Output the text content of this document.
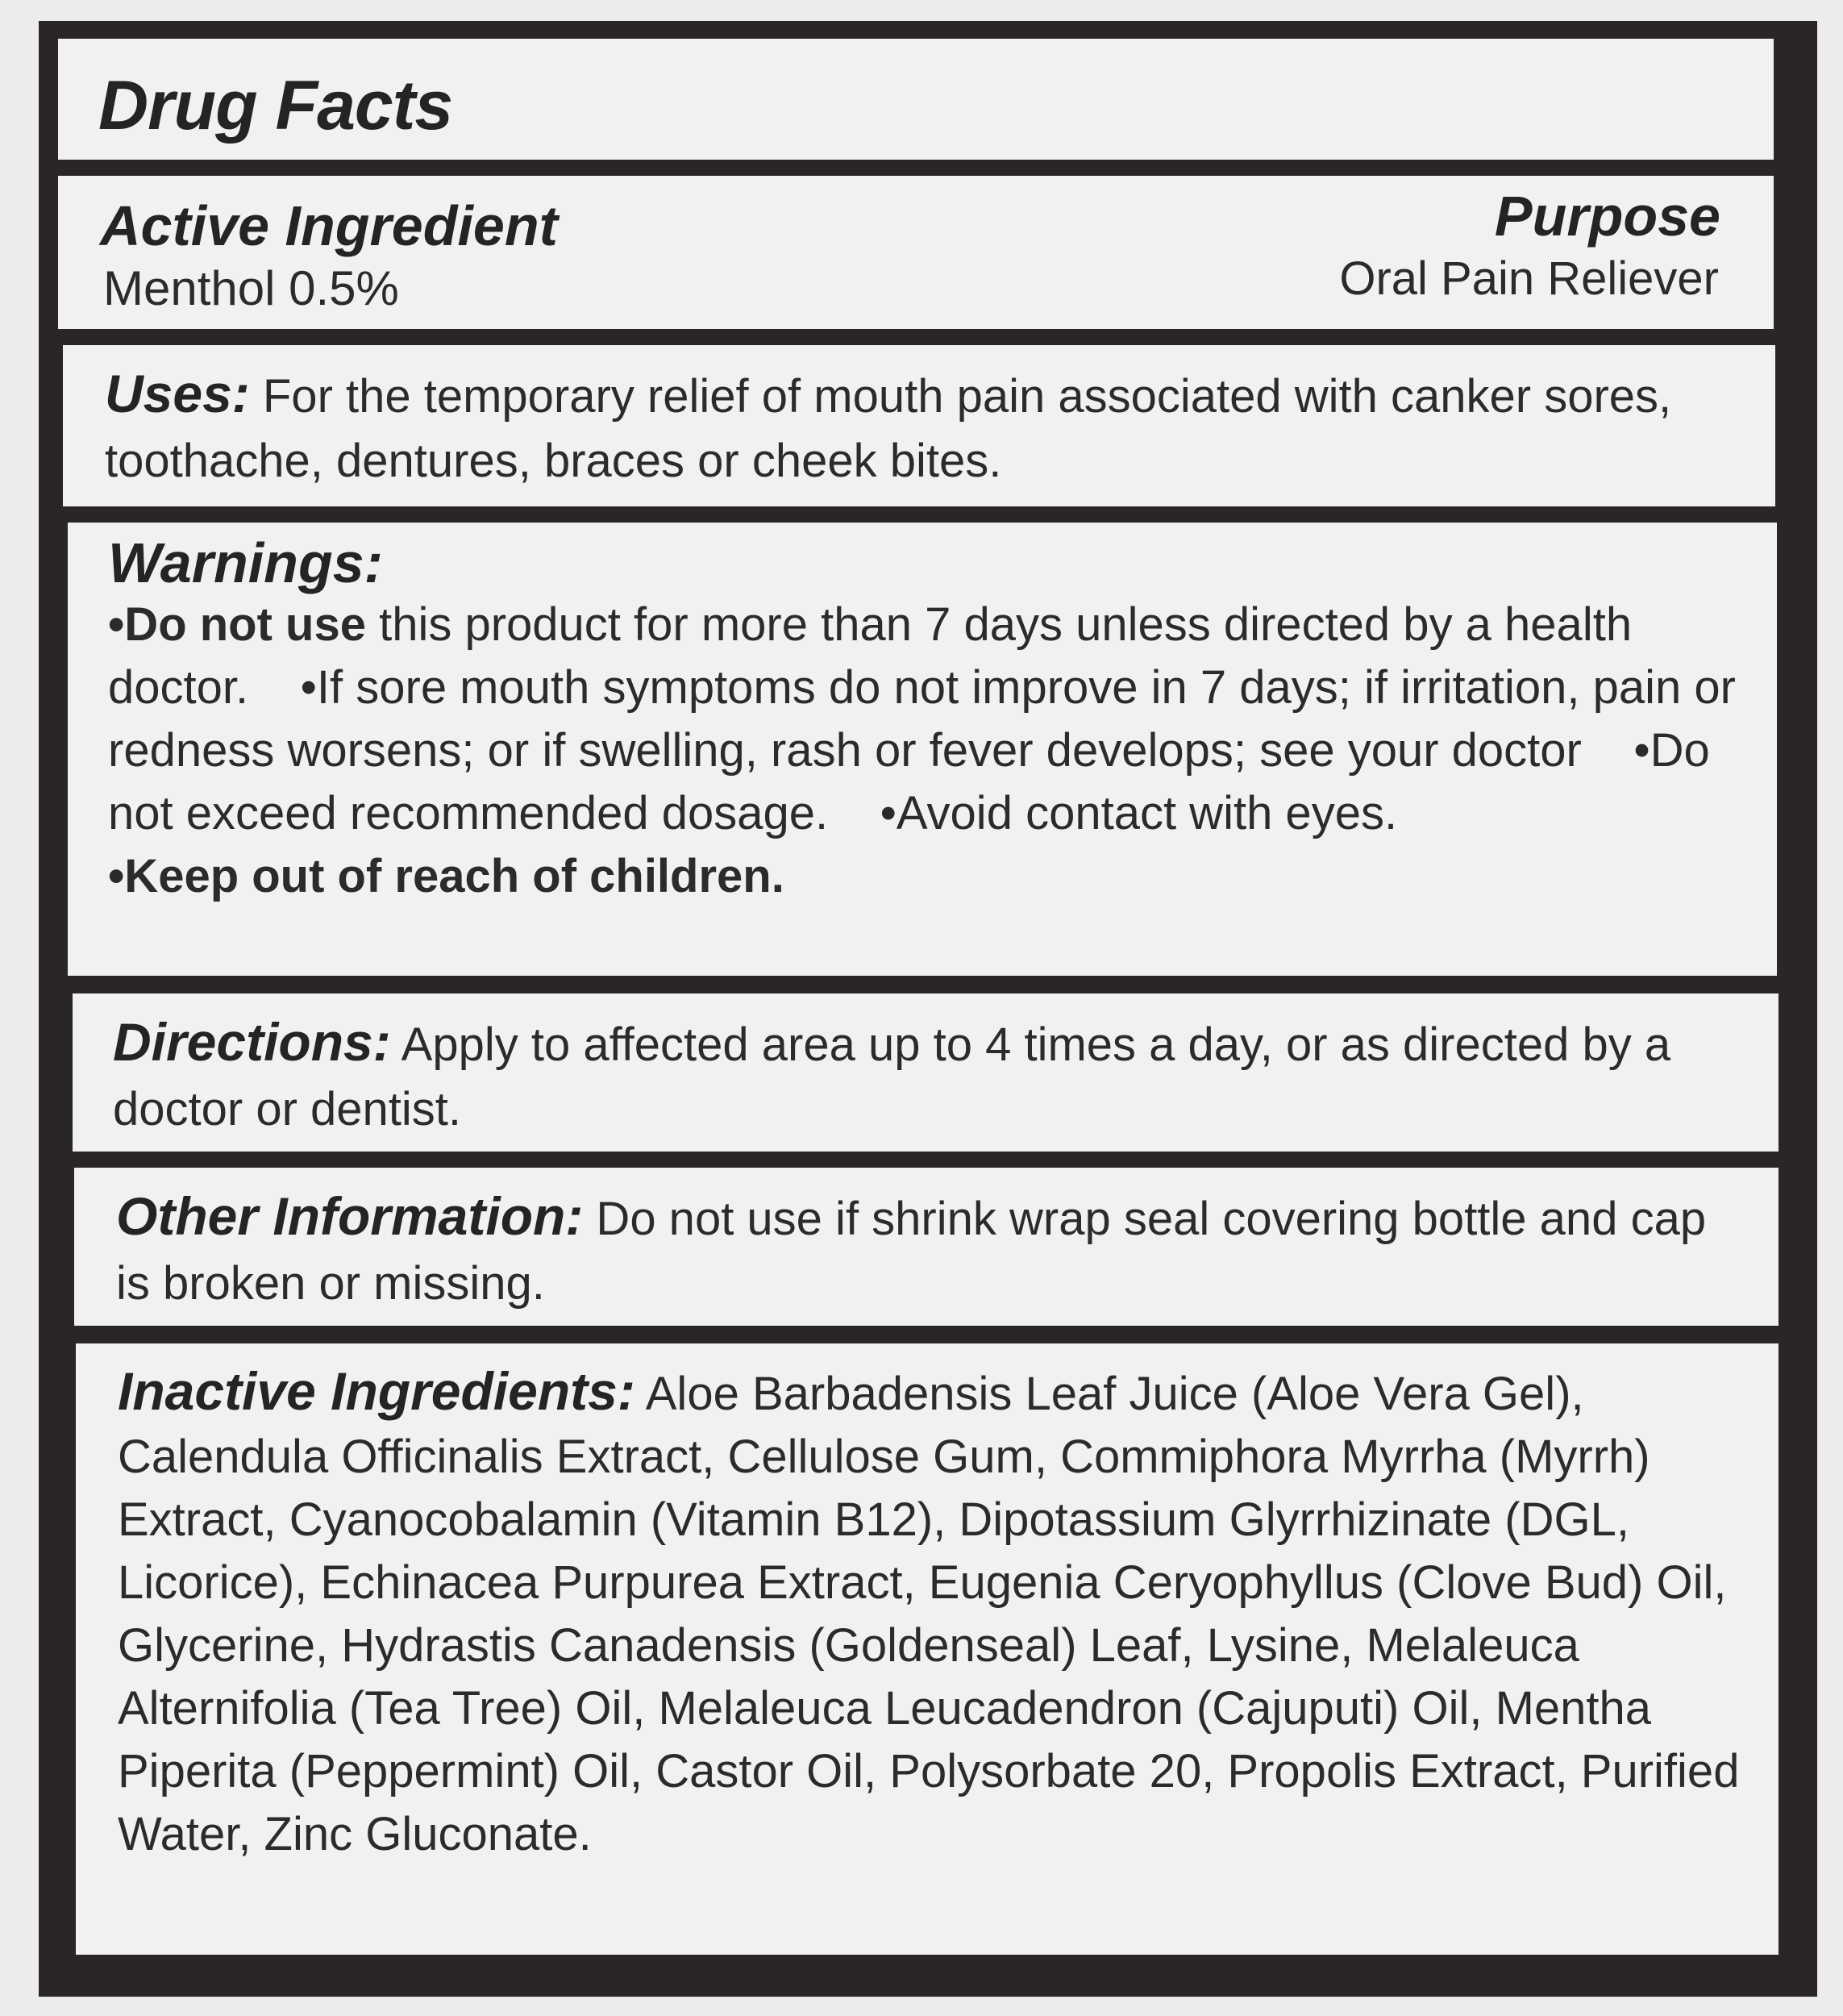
Drug Facts
Active Ingredient
Menthol 0.5%
Purpose
Oral Pain Reliever
Uses: For the temporary relief of mouth pain associated with canker sores, toothache, dentures, braces or cheek bites.
Warnings:
•Do not use this product for more than 7 days unless directed by a health doctor. •If sore mouth symptoms do not improve in 7 days; if irritation, pain or redness worsens; or if swelling, rash or fever develops; see your doctor •Do not exceed recommended dosage. •Avoid contact with eyes.
•Keep out of reach of children.
Directions: Apply to affected area up to 4 times a day, or as directed by a doctor or dentist.
Other Information: Do not use if shrink wrap seal covering bottle and cap is broken or missing.
Inactive Ingredients: Aloe Barbadensis Leaf Juice (Aloe Vera Gel), Calendula Officinalis Extract, Cellulose Gum, Commiphora Myrrha (Myrrh) Extract, Cyanocobalamin (Vitamin B12), Dipotassium Glyrrhizinate (DGL, Licorice), Echinacea Purpurea Extract, Eugenia Ceryophyllus (Clove Bud) Oil, Glycerine, Hydrastis Canadensis (Goldenseal) Leaf, Lysine, Melaleuca Alternifolia (Tea Tree) Oil, Melaleuca Leucadendron (Cajuputi) Oil, Mentha Piperita (Peppermint) Oil, Castor Oil, Polysorbate 20, Propolis Extract, Purified Water, Zinc Gluconate.
